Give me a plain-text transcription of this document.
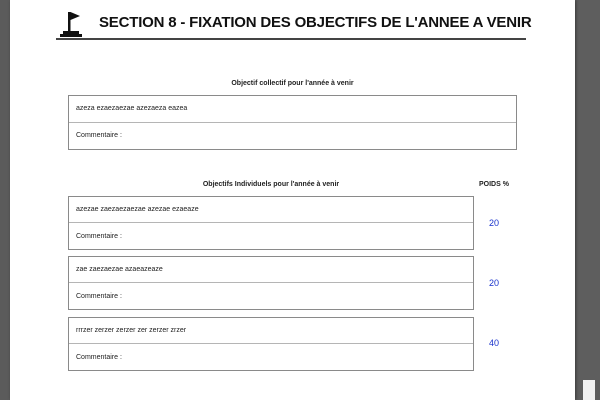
SECTION 8 - FIXATION DES OBJECTIFS DE L'ANNEE A VENIR
Objectif collectif pour l'année à venir
azeza ezaezaezae azezaeza eazea
Commentaire :
Objectifs Individuels pour l'année à venir	POIDS %
azezae zaezaezaezae azezae ezaeaze
Commentaire :
20
zae zaezaezae azaeazeaze
Commentaire :
20
rrrzer zerzer zerzer zer zerzer zrzer
Commentaire :
40
